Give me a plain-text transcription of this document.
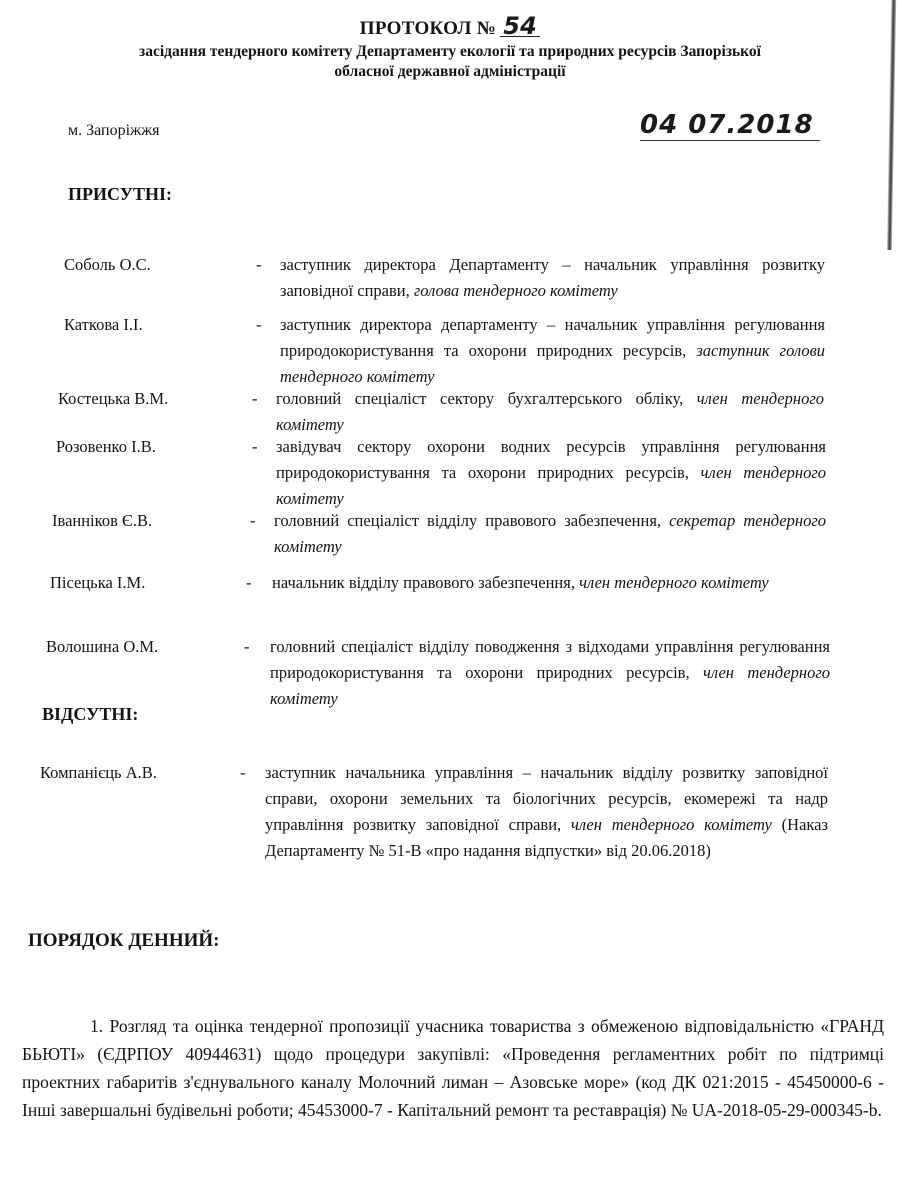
ПРОТОКОЛ № 54
засідання тендерного комітету Департаменту екології та природних ресурсів Запорізької
обласної державної адміністрації
м. Запоріжжя	04 07.2018
ПРИСУТНІ:
Соболь О.С.	- заступник директора Департаменту – начальник управління розвитку заповідної справи, голова тендерного комітету
Каткова І.І.	- заступник директора департаменту – начальник управління регулювання природокористування та охорони природних ресурсів, заступник голови тендерного комітету
Костецька В.М.	- головний спеціаліст сектору бухгалтерського обліку, член тендерного комітету
Розовенко І.В.	- завідувач сектору охорони водних ресурсів управління регулювання природокористування та охорони природних ресурсів, член тендерного комітету
Іванніков Є.В.	- головний спеціаліст відділу правового забезпечення, секретар тендерного комітету
Пісецька І.М.	- начальник відділу правового забезпечення, член тендерного комітету
Волошина О.М.	- головний спеціаліст відділу поводження з відходами управління регулювання природокористування та охорони природних ресурсів, член тендерного комітету
ВІДСУТНІ:
Компанієць А.В.	- заступник начальника управління – начальник відділу розвитку заповідної справи, охорони земельних та біологічних ресурсів, екомережі та надр управління розвитку заповідної справи, член тендерного комітету (Наказ Департаменту № 51-В «про надання відпустки» від 20.06.2018)
ПОРЯДОК ДЕННИЙ:
1. Розгляд та оцінка тендерної пропозиції учасника товариства з обмеженою відповідальністю «ГРАНД БЬЮТІ» (ЄДРПОУ 40944631) щодо процедури закупівлі: «Проведення регламентних робіт по підтримці проектних габаритів з'єднувального каналу Молочний лиман – Азовське море» (код ДК 021:2015 - 45450000-6 - Інші завершальні будівельні роботи; 45453000-7 - Капітальний ремонт та реставрація) № UA-2018-05-29-000345-b.
